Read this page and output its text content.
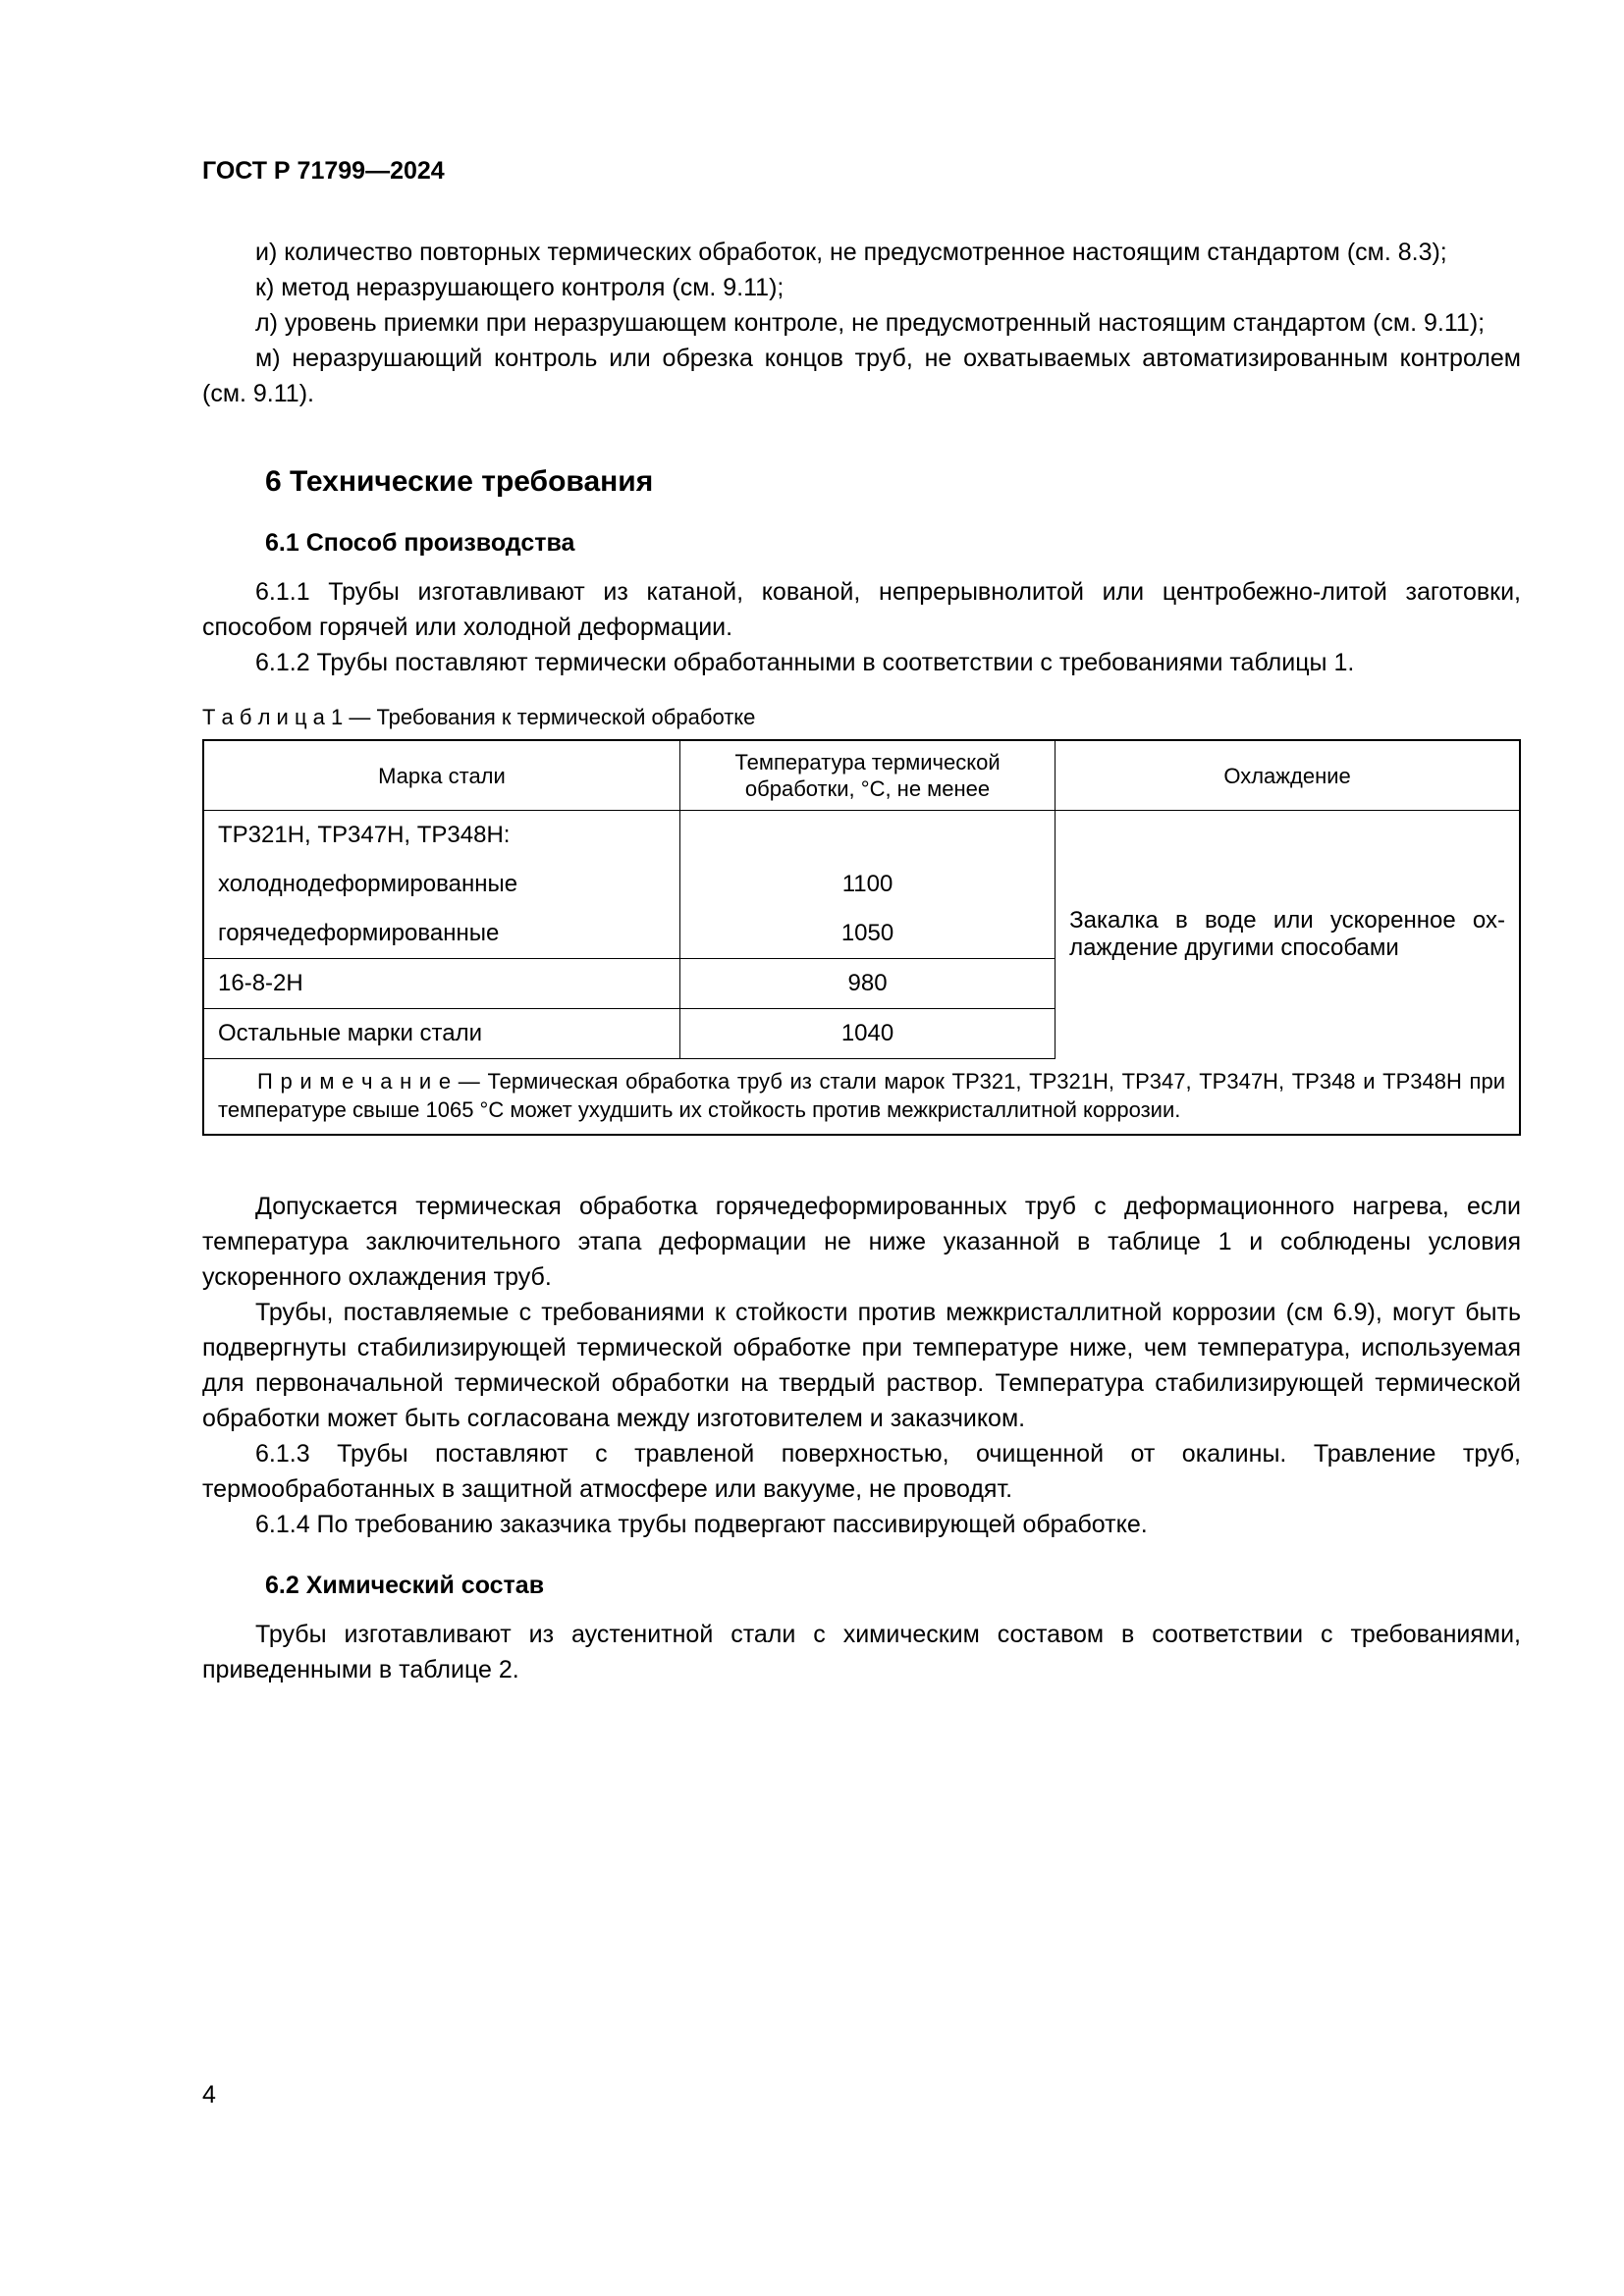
ГОСТ Р 71799—2024

и) количество повторных термических обработок, не предусмотренное настоящим стандартом (см. 8.3);

к) метод неразрушающего контроля (см. 9.11);

л) уровень приемки при неразрушающем контроле, не предусмотренный настоящим стандартом (см. 9.11);

м) неразрушающий контроль или обрезка концов труб, не охватываемых автоматизированным контролем (см. 9.11).

6 Технические требования
6.1 Способ производства

6.1.1 Трубы изготавливают из катаной, кованой, непрерывнолитой или центробежно-литой заготовки, способом горячей или холодной деформации.

6.1.2 Трубы поставляют термически обработанными в соответствии с требованиями таблицы 1.

Т а б л и ц а 1 — Требования к термической обработке
Марка стали	Температура термической обработки, °С, не менее	Охлаждение
ТР321Н, ТР347Н, ТР348Н:		Закалка в воде или ускоренное охлаждение другими способами
холоднодеформированные	1100	
горячедеформированные	1050	
16-8-2Н	980	
Остальные марки стали	1040	
П р и м е ч а н и е — Термическая обработка труб из стали марок ТР321, ТР321Н, ТР347, ТР347Н, ТР348 и ТР348Н при температуре свыше 1065 °С может ухудшить их стойкость против межкристаллитной коррозии.		

Допускается термическая обработка горячедеформированных труб с деформационного нагрева, если температура заключительного этапа деформации не ниже указанной в таблице 1 и соблюдены условия ускоренного охлаждения труб.

Трубы, поставляемые с требованиями к стойкости против межкристаллитной коррозии (см 6.9), могут быть подвергнуты стабилизирующей термической обработке при температуре ниже, чем температура, используемая для первоначальной термической обработки на твердый раствор. Температура стабилизирующей термической обработки может быть согласована между изготовителем и заказчиком.

6.1.3 Трубы поставляют с травленой поверхностью, очищенной от окалины. Травление труб, термообработанных в защитной атмосфере или вакууме, не проводят.

6.1.4 По требованию заказчика трубы подвергают пассивирующей обработке.

6.2 Химический состав

Трубы изготавливают из аустенитной стали с химическим составом в соответствии с требованиями, приведенными в таблице 2.

4
